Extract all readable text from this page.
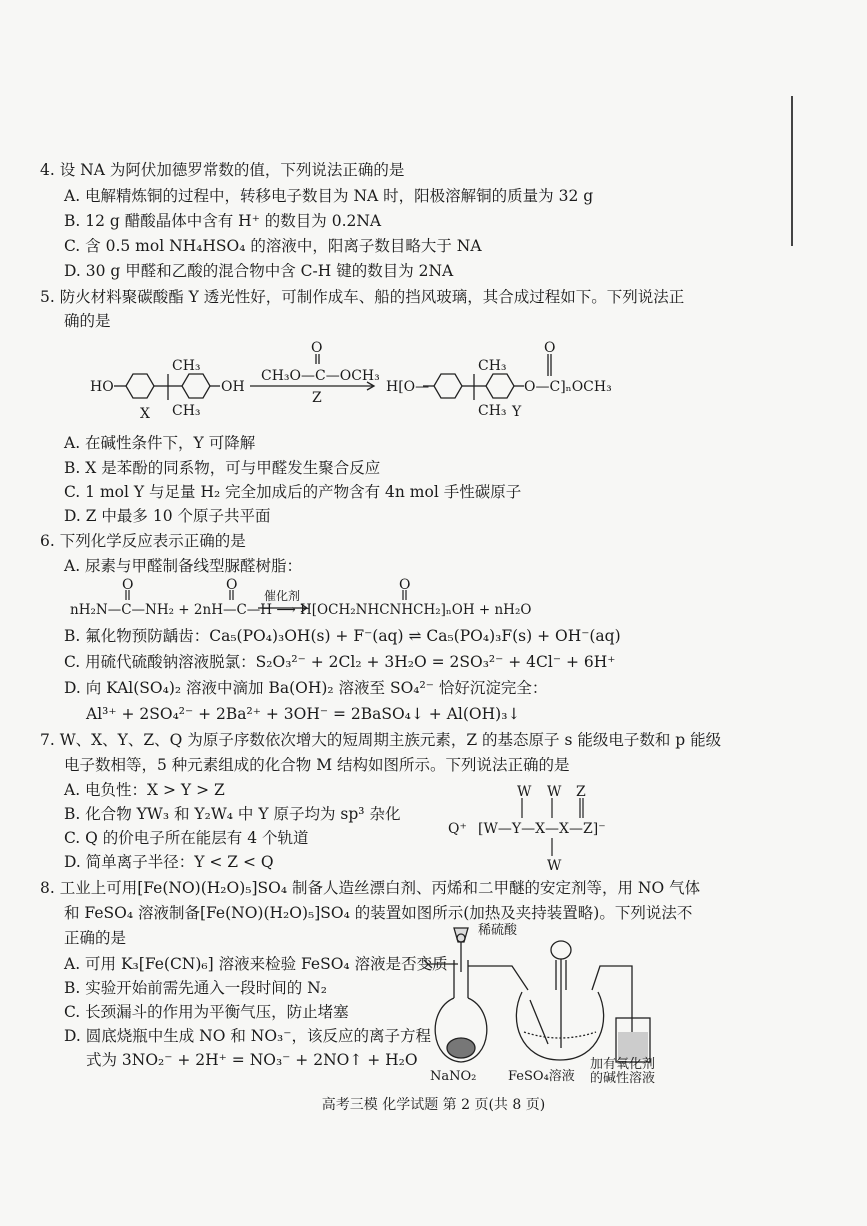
4. 设 NA 为阿伏加德罗常数的值，下列说法正确的是
A. 电解精炼铜的过程中，转移电子数目为 NA 时，阳极溶解铜的质量为 32 g
B. 12 g 醋酸晶体中含有 H⁺ 的数目为 0.2NA
C. 含 0.5 mol NH₄HSO₄ 的溶液中，阳离子数目略大于 NA
D. 30 g 甲醛和乙酸的混合物中含 C-H 键的数目为 2NA
5. 防火材料聚碳酸酯 Y 透光性好，可制作成车、船的挡风玻璃，其合成过程如下。下列说法正
确的是
HO	OH
CH₃
CH₃
X
O
CH₃O—C—OCH₃
Z
H[O—
CH₃
CH₃
O—C]ₙOCH₃
O
Y
A. 在碱性条件下，Y 可降解
B. X 是苯酚的同系物，可与甲醛发生聚合反应
C. 1 mol Y 与足量 H₂ 完全加成后的产物含有 4n mol 手性碳原子
D. Z 中最多 10 个原子共平面
6. 下列化学反应表示正确的是
A. 尿素与甲醛制备线型脲醛树脂：
O	O	O
催化剂
nH₂N—C—NH₂ + 2nH—C—H ⟶ H[OCH₂NHCNHCH₂]ₙOH + nH₂O
B. 氟化物预防龋齿：Ca₅(PO₄)₃OH(s) + F⁻(aq) ⇌ Ca₅(PO₄)₃F(s) + OH⁻(aq)
C. 用硫代硫酸钠溶液脱氯：S₂O₃²⁻ + 2Cl₂ + 3H₂O = 2SO₃²⁻ + 4Cl⁻ + 6H⁺
D. 向 KAl(SO₄)₂ 溶液中滴加 Ba(OH)₂ 溶液至 SO₄²⁻ 恰好沉淀完全：
Al³⁺ + 2SO₄²⁻ + 2Ba²⁺ + 3OH⁻ = 2BaSO₄↓ + Al(OH)₃↓
7. W、X、Y、Z、Q 为原子序数依次增大的短周期主族元素，Z 的基态原子 s 能级电子数和 p 能级
电子数相等，5 种元素组成的化合物 M 结构如图所示。下列说法正确的是
A. 电负性：X > Y > Z
B. 化合物 YW₃ 和 Y₂W₄ 中 Y 原子均为 sp³ 杂化
C. Q 的价电子所在能层有 4 个轨道
D. 简单离子半径：Y < Z < Q
W W Z
Q⁺ [W—Y—X—X—Z]⁻
W
8. 工业上可用[Fe(NO)(H₂O)₅]SO₄ 制备人造丝漂白剂、丙烯和二甲醚的安定剂等，用 NO 气体
和 FeSO₄ 溶液制备[Fe(NO)(H₂O)₅]SO₄ 的装置如图所示(加热及夹持装置略)。下列说法不
正确的是
A. 可用 K₃[Fe(CN)₆] 溶液来检验 FeSO₄ 溶液是否变质
B. 实验开始前需先通入一段时间的 N₂
C. 长颈漏斗的作用为平衡气压，防止堵塞
D. 圆底烧瓶中生成 NO 和 NO₃⁻，该反应的离子方程
式为 3NO₂⁻ + 2H⁺ = NO₃⁻ + 2NO↑ + H₂O
稀硫酸
NaNO₂ FeSO₄溶液
加有氧化剂
的碱性溶液
高考三模 化学试题 第 2 页(共 8 页)
